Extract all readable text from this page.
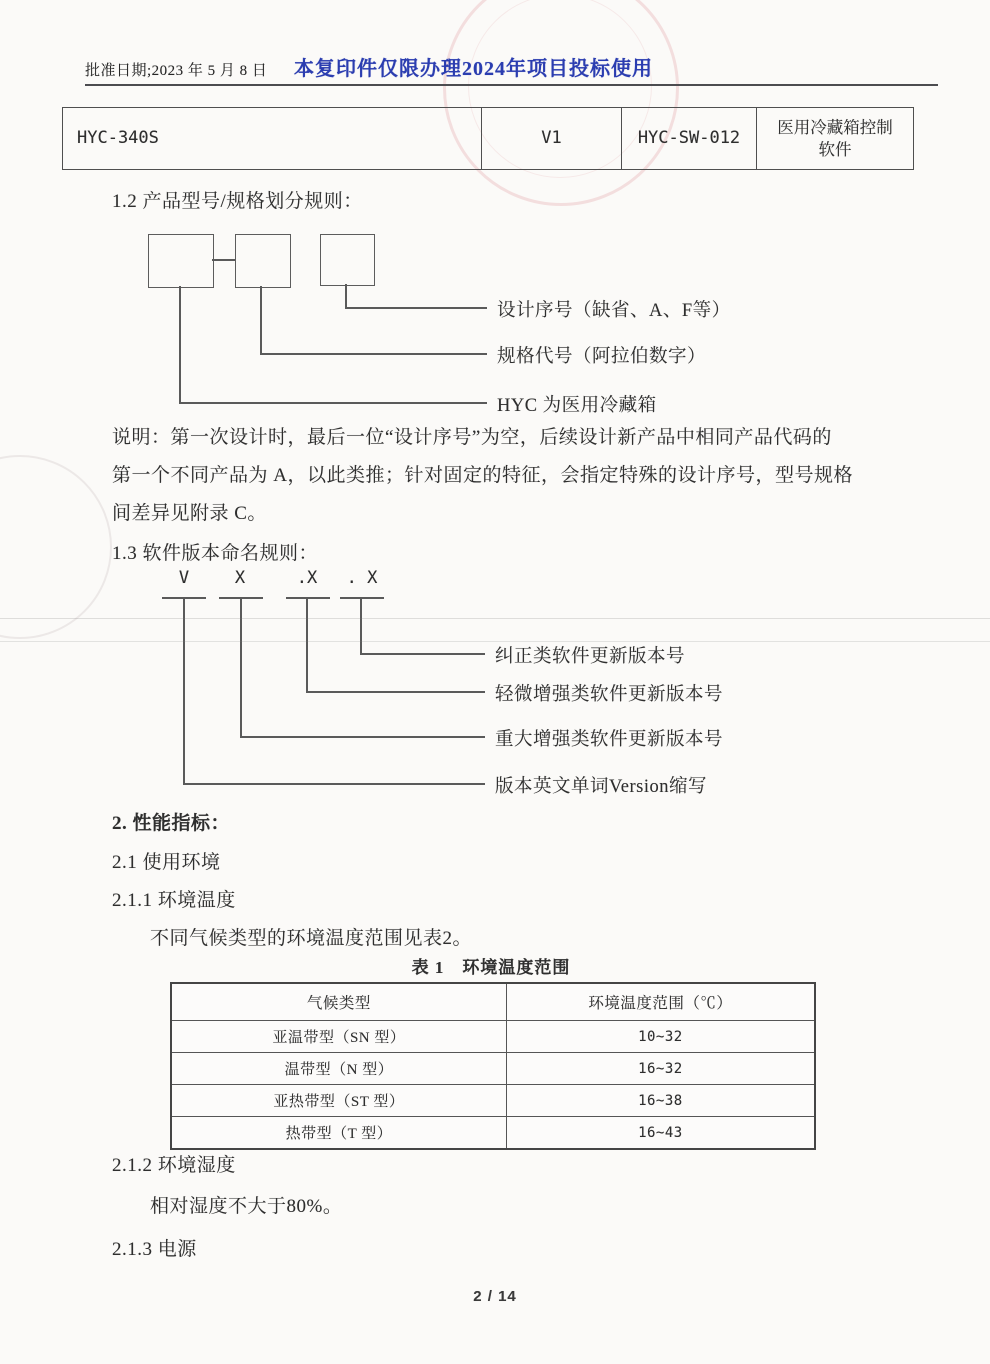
批准日期;2023 年 5 月 8 日 本复印件仅限办理2024年项目投标使用
HYC-340S	V1	HYC-SW-012
医用冷藏箱控制软件
1.2 产品型号/规格划分规则：
设计序号（缺省、A、F等）
规格代号（阿拉伯数字）
HYC 为医用冷藏箱
说明：第一次设计时，最后一位“设计序号”为空，后续设计新产品中相同产品代码的
第一个不同产品为 A，以此类推；针对固定的特征，会指定特殊的设计序号，型号规格
间差异见附录 C。
1.3 软件版本命名规则：
V	X	.X	. X
纠正类软件更新版本号
轻微增强类软件更新版本号
重大增强类软件更新版本号
版本英文单词Version缩写
2. 性能指标：
2.1 使用环境
2.1.1 环境温度
不同气候类型的环境温度范围见表2。
表 1　环境温度范围
气候类型	环境温度范围（℃）
亚温带型（SN 型）	10~32
温带型（N 型）	16~32
亚热带型（ST 型）	16~38
热带型（T 型）	16~43
2.1.2 环境湿度
相对湿度不大于80%。
2.1.3 电源
2 / 14
